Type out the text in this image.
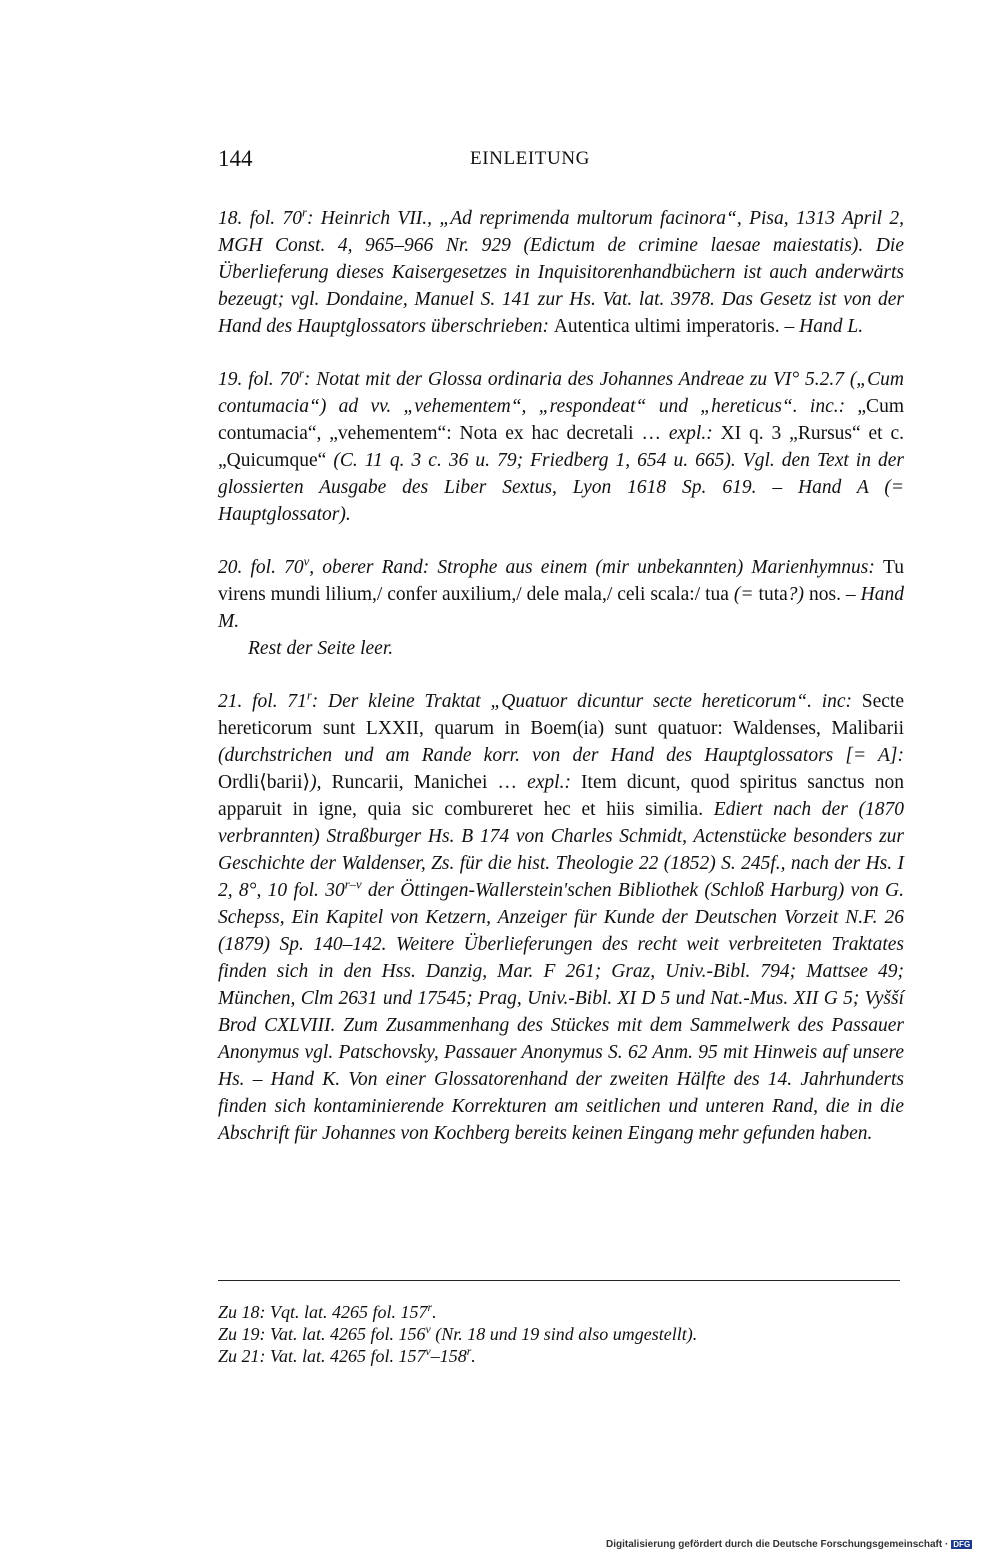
144	EINLEITUNG

18. fol. 70$^r$: Heinrich VII., „Ad reprimenda multorum facinora“, Pisa, 1313 April 2, MGH Const. 4, 965–966 Nr. 929 (Edictum de crimine laesae maiestatis). Die Überlieferung dieses Kaisergesetzes in Inquisitorenhandbüchern ist auch anderwärts bezeugt; vgl. Dondaine, Manuel S. 141 zur Hs. Vat. lat. 3978. Das Gesetz ist von der Hand des Hauptglossators überschrieben: Autentica ultimi imperatoris. – Hand L.

19. fol. 70$^r$: Notat mit der Glossa ordinaria des Johannes Andreae zu VI° 5.2.7 („Cum contumacia“) ad vv. „vehementem“, „respondeat“ und „hereticus“. inc.: „Cum contumacia“, „vehementem“: Nota ex hac decretali … expl.: XI q. 3 „Rursus“ et c. „Quicumque“ (C. 11 q. 3 c. 36 u. 79; Friedberg 1, 654 u. 665). Vgl. den Text in der glossierten Ausgabe des Liber Sextus, Lyon 1618 Sp. 619. – Hand A (= Hauptglossator).

20. fol. 70$^v$, oberer Rand: Strophe aus einem (mir unbekannten) Marienhymnus: Tu virens mundi lilium,/ confer auxilium,/ dele mala,/ celi scala:/ tua (= tuta?) nos. – Hand M.
Rest der Seite leer.

21. fol. 71$^r$: Der kleine Traktat „Quatuor dicuntur secte hereticorum“. inc: Secte hereticorum sunt LXXII, quarum in Boem(ia) sunt quatuor: Waldenses, Malibarii (durchstrichen und am Rande korr. von der Hand des Hauptglossators [= A]: Ordli⟨barii⟩), Runcarii, Manichei … expl.: Item dicunt, quod spiritus sanctus non apparuit in igne, quia sic combureret hec et hiis similia. Ediert nach der (1870 verbrannten) Straßburger Hs. B 174 von Charles Schmidt, Actenstücke besonders zur Geschichte der Waldenser, Zs. für die hist. Theologie 22 (1852) S. 245f., nach der Hs. I 2, 8°, 10 fol. 30$^{r-v}$ der Öttingen-Wallerstein'schen Bibliothek (Schloß Harburg) von G. Schepss, Ein Kapitel von Ketzern, Anzeiger für Kunde der Deutschen Vorzeit N.F. 26 (1879) Sp. 140–142. Weitere Überlieferungen des recht weit verbreiteten Traktates finden sich in den Hss. Danzig, Mar. F 261; Graz, Univ.-Bibl. 794; Mattsee 49; München, Clm 2631 und 17545; Prag, Univ.-Bibl. XI D 5 und Nat.-Mus. XII G 5; Vyšší Brod CXLVIII. Zum Zusammenhang des Stückes mit dem Sammelwerk des Passauer Anonymus vgl. Patschovsky, Passauer Anonymus S. 62 Anm. 95 mit Hinweis auf unsere Hs. – Hand K. Von einer Glossatorenhand der zweiten Hälfte des 14. Jahrhunderts finden sich kontaminierende Korrekturen am seitlichen und unteren Rand, die in die Abschrift für Johannes von Kochberg bereits keinen Eingang mehr gefunden haben.

Zu 18: Vqt. lat. 4265 fol. 157$^r$.
Zu 19: Vat. lat. 4265 fol. 156$^v$ (Nr. 18 und 19 sind also umgestellt).
Zu 21: Vat. lat. 4265 fol. 157$^v$–158$^r$.
Digitalisierung gefördert durch die Deutsche Forschungsgemeinschaft · DFG
